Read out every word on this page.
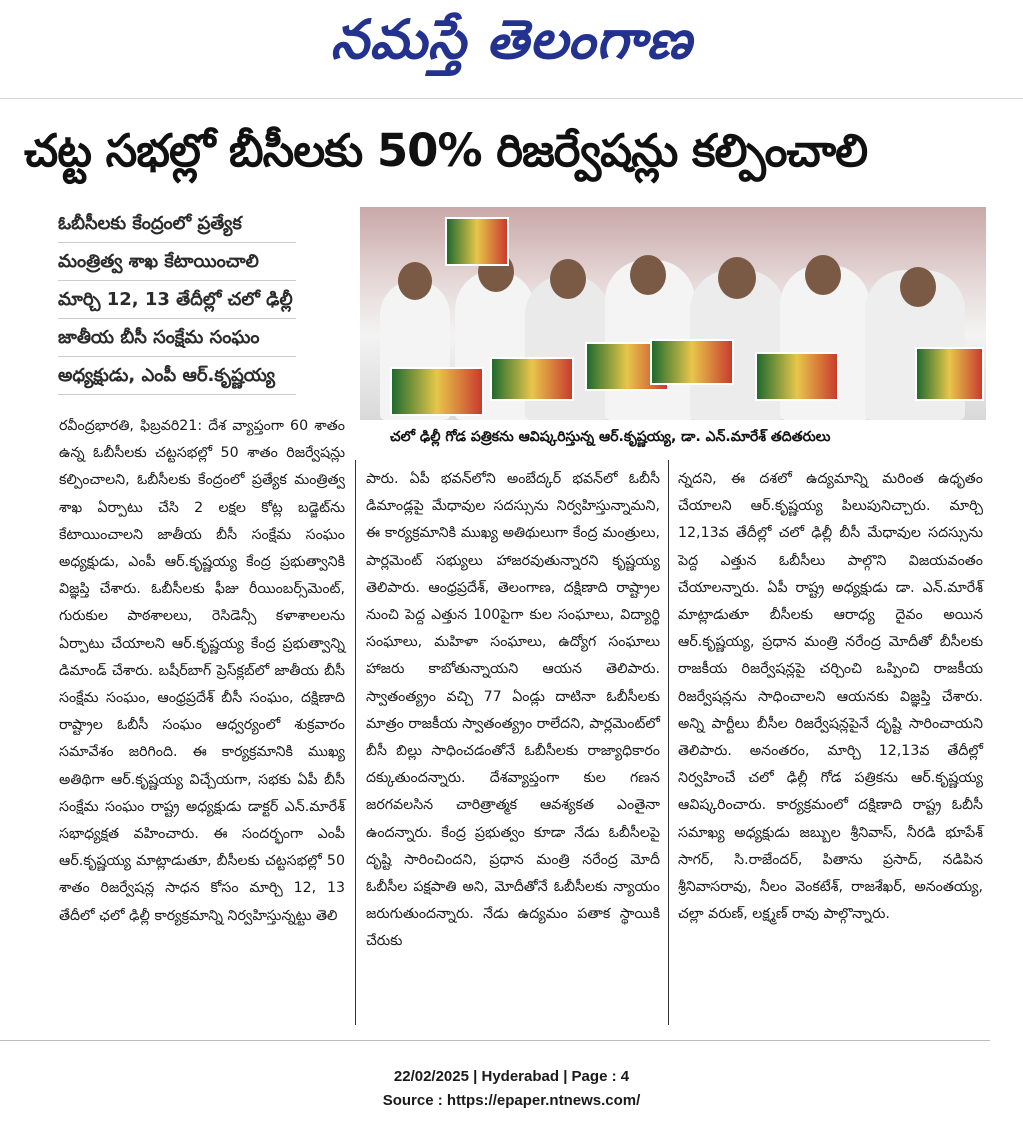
నమస్తే తెలంగాణ
చట్ట సభల్లో బీసీలకు 50% రిజర్వేషన్లు కల్పించాలి
ఓబీసీలకు కేంద్రంలో ప్రత్యేక
మంత్రిత్వ శాఖ కేటాయించాలి
మార్చి 12, 13 తేదీల్లో చలో ఢిల్లీ
జాతీయ బీసీ సంక్షేమ సంఘం
అధ్యక్షుడు, ఎంపీ ఆర్.కృష్ణయ్య
చలో ఢిల్లీ గోడ పత్రికను ఆవిష్కరిస్తున్న ఆర్.కృష్ణయ్య, డా. ఎన్.మారేశ్ తదితరులు

రవీంద్రభారతి, ఫిబ్రవరి21: దేశ వ్యాప్తంగా 60 శాతం ఉన్న ఓబీసీలకు చట్టసభల్లో 50 శాతం రిజర్వేషన్లు కల్పించాలని, ఓబీసీలకు కేంద్రంలో ప్రత్యేక మంత్రిత్వ శాఖ ఏర్పాటు చేసి 2 లక్షల కోట్ల బడ్జెట్‌ను కేటాయించాలని జాతీయ బీసీ సంక్షేమ సంఘం అధ్యక్షుడు, ఎంపీ ఆర్.కృష్ణయ్య కేంద్ర ప్రభుత్వానికి విజ్ఞప్తి చేశారు. ఓబీసీలకు ఫీజు రీయింబర్స్‌మెంట్, గురుకుల పాఠశాలలు, రెసిడెన్సీ కళాశాలలను ఏర్పాటు చేయాలని ఆర్.కృష్ణయ్య కేంద్ర ప్రభుత్వాన్ని డిమాండ్ చేశారు. బషీర్‌బాగ్ ప్రెస్‌క్లబ్‌లో జాతీయ బీసీ సంక్షేమ సంఘం, ఆంధ్రప్రదేశ్ బీసీ సంఘం, దక్షిణాది రాష్ట్రాల ఓబీసీ సంఘం ఆధ్వర్యంలో శుక్రవారం సమావేశం జరిగింది. ఈ కార్యక్రమానికి ముఖ్య అతిథిగా ఆర్.కృష్ణయ్య విచ్చేయగా, సభకు ఏపీ బీసీ సంక్షేమ సంఘం రాష్ట్ర అధ్యక్షుడు డాక్టర్ ఎన్.మారేశ్ సభాధ్యక్షత వహించారు. ఈ సందర్భంగా ఎంపీ ఆర్.కృష్ణయ్య మాట్లాడుతూ, బీసీలకు చట్టసభల్లో 50 శాతం రిజర్వేషన్ల సాధన కోసం మార్చి 12, 13 తేదీలో ఛలో ఢిల్లీ కార్యక్రమాన్ని నిర్వహిస్తున్నట్టు తెలి

పారు. ఏపీ భవన్‌లోని అంబేద్కర్ భవన్‌లో ఓబీసీ డిమాండ్లపై మేధావుల సదస్సును నిర్వహిస్తున్నామని, ఈ కార్యక్రమానికి ముఖ్య అతిథులుగా కేంద్ర మంత్రులు, పార్లమెంట్ సభ్యులు హాజరవుతున్నారని కృష్ణయ్య తెలిపారు. ఆంధ్రప్రదేశ్, తెలంగాణ, దక్షిణాది రాష్ట్రాల నుంచి పెద్ద ఎత్తున 100పైగా కుల సంఘాలు, విద్యార్థి సంఘాలు, మహిళా సంఘాలు, ఉద్యోగ సంఘాలు హాజరు కాబోతున్నాయని ఆయన తెలిపారు. స్వాతంత్య్రం వచ్చి 77 ఏండ్లు దాటినా ఓబీసీలకు మాత్రం రాజకీయ స్వాతంత్య్రం రాలేదని, పార్లమెంట్‌లో బీసీ బిల్లు సాధించడంతోనే ఓబీసీలకు రాజ్యాధికారం దక్కుతుందన్నారు. దేశవ్యాప్తంగా కుల గణన జరగవలసిన చారిత్రాత్మక ఆవశ్యకత ఎంతైనా ఉందన్నారు. కేంద్ర ప్రభుత్వం కూడా నేడు ఓబీసీలపై దృష్టి సారించిందని, ప్రధాన మంత్రి నరేంద్ర మోదీ ఓబీసీల పక్షపాతి అని, మోదీతోనే ఓబీసీలకు న్యాయం జరుగుతుందన్నారు. నేడు ఉద్యమం పతాక స్థాయికి చేరుకు

న్నదని, ఈ దశలో ఉద్యమాన్ని మరింత ఉధృతం చేయాలని ఆర్.కృష్ణయ్య పిలుపునిచ్చారు. మార్చి 12,13వ తేదీల్లో చలో ఢిల్లీ బీసీ మేధావుల సదస్సును పెద్ద ఎత్తున ఓబీసీలు పాల్గొని విజయవంతం చేయాలన్నారు. ఏపీ రాష్ట్ర అధ్యక్షుడు డా. ఎన్.మారేశ్ మాట్లాడుతూ బీసీలకు ఆరాధ్య దైవం అయిన ఆర్.కృష్ణయ్య, ప్రధాన మంత్రి నరేంద్ర మోదీతో బీసీలకు రాజకీయ రిజర్వేషన్లపై చర్చించి ఒప్పించి రాజకీయ రిజర్వేషన్లను సాధించాలని ఆయనకు విజ్ఞప్తి చేశారు. అన్ని పార్టీలు బీసీల రిజర్వేషన్లపైనే దృష్టి సారించాయని తెలిపారు. అనంతరం, మార్చి 12,13వ తేదీల్లో నిర్వహించే చలో ఢిల్లీ గోడ పత్రికను ఆర్.కృష్ణయ్య ఆవిష్కరించారు. కార్యక్రమంలో దక్షిణాది రాష్ట్ర ఓబీసీ సమాఖ్య అధ్యక్షుడు జబ్బుల శ్రీనివాస్, నీరడి భూపేశ్ సాగర్, సి.రాజేందర్, పితాను ప్రసాద్, నడిపిన శ్రీనివాసరావు, నీలం వెంకటేశ్, రాజశేఖర్, అనంతయ్య, చల్లా వరుణ్, లక్ష్మణ్ రావు పాల్గొన్నారు.

22/02/2025 | Hyderabad | Page : 4
Source : https://epaper.ntnews.com/
